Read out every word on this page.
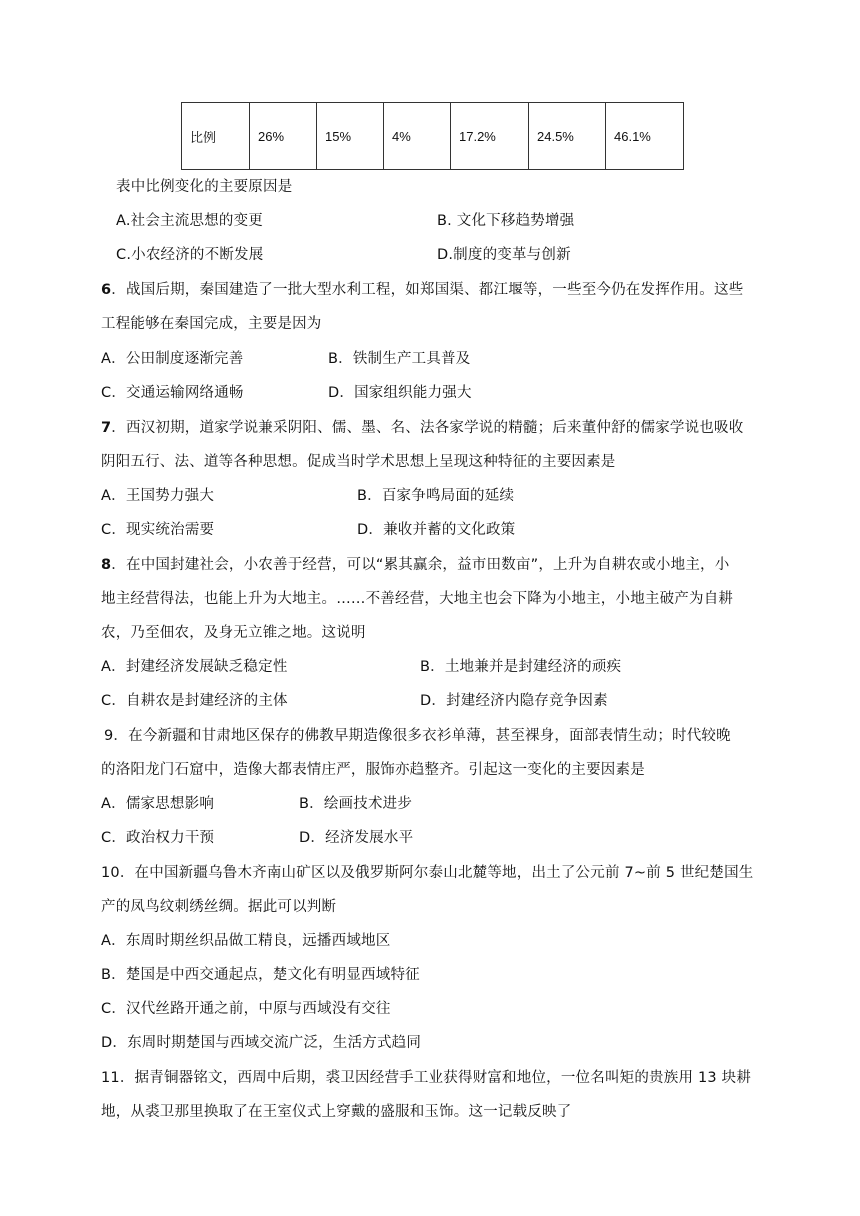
比例	26%	15%	4%	17.2%	24.5%	46.1%
表中比例变化的主要原因是
A.社会主流思想的变更	B. 文化下移趋势增强
C.小农经济的不断发展	D.制度的变革与创新
6．战国后期，秦国建造了一批大型水利工程，如郑国渠、都江堰等，一些至今仍在发挥作用。这些
工程能够在秦国完成，主要是因为
A．公田制度逐渐完善	B．铁制生产工具普及
C．交通运输网络通畅	D．国家组织能力强大
7．西汉初期，道家学说兼采阴阳、儒、墨、名、法各家学说的精髓；后来董仲舒的儒家学说也吸收
阴阳五行、法、道等各种思想。促成当时学术思想上呈现这种特征的主要因素是
A．王国势力强大	B．百家争鸣局面的延续
C．现实统治需要	D．兼收并蓄的文化政策
8．在中国封建社会，小农善于经营，可以“累其赢余，益市田数亩”，上升为自耕农或小地主，小
地主经营得法，也能上升为大地主。……不善经营，大地主也会下降为小地主，小地主破产为自耕
农，乃至佃农，及身无立锥之地。这说明
A．封建经济发展缺乏稳定性	B．土地兼并是封建经济的顽疾
C．自耕农是封建经济的主体	D．封建经济内隐存竞争因素
9．在今新疆和甘肃地区保存的佛教早期造像很多衣衫单薄，甚至裸身，面部表情生动；时代较晚
的洛阳龙门石窟中，造像大都表情庄严，服饰亦趋整齐。引起这一变化的主要因素是
A．儒家思想影响	B．绘画技术进步
C．政治权力干预	D．经济发展水平
10．在中国新疆乌鲁木齐南山矿区以及俄罗斯阿尔泰山北麓等地，出土了公元前 7~前 5 世纪楚国生
产的凤鸟纹刺绣丝绸。据此可以判断
A．东周时期丝织品做工精良，远播西域地区
B．楚国是中西交通起点，楚文化有明显西域特征
C．汉代丝路开通之前，中原与西域没有交往
D．东周时期楚国与西域交流广泛，生活方式趋同
11．据青铜器铭文，西周中后期，裘卫因经营手工业获得财富和地位，一位名叫矩的贵族用 13 块耕
地，从裘卫那里换取了在王室仪式上穿戴的盛服和玉饰。这一记载反映了
